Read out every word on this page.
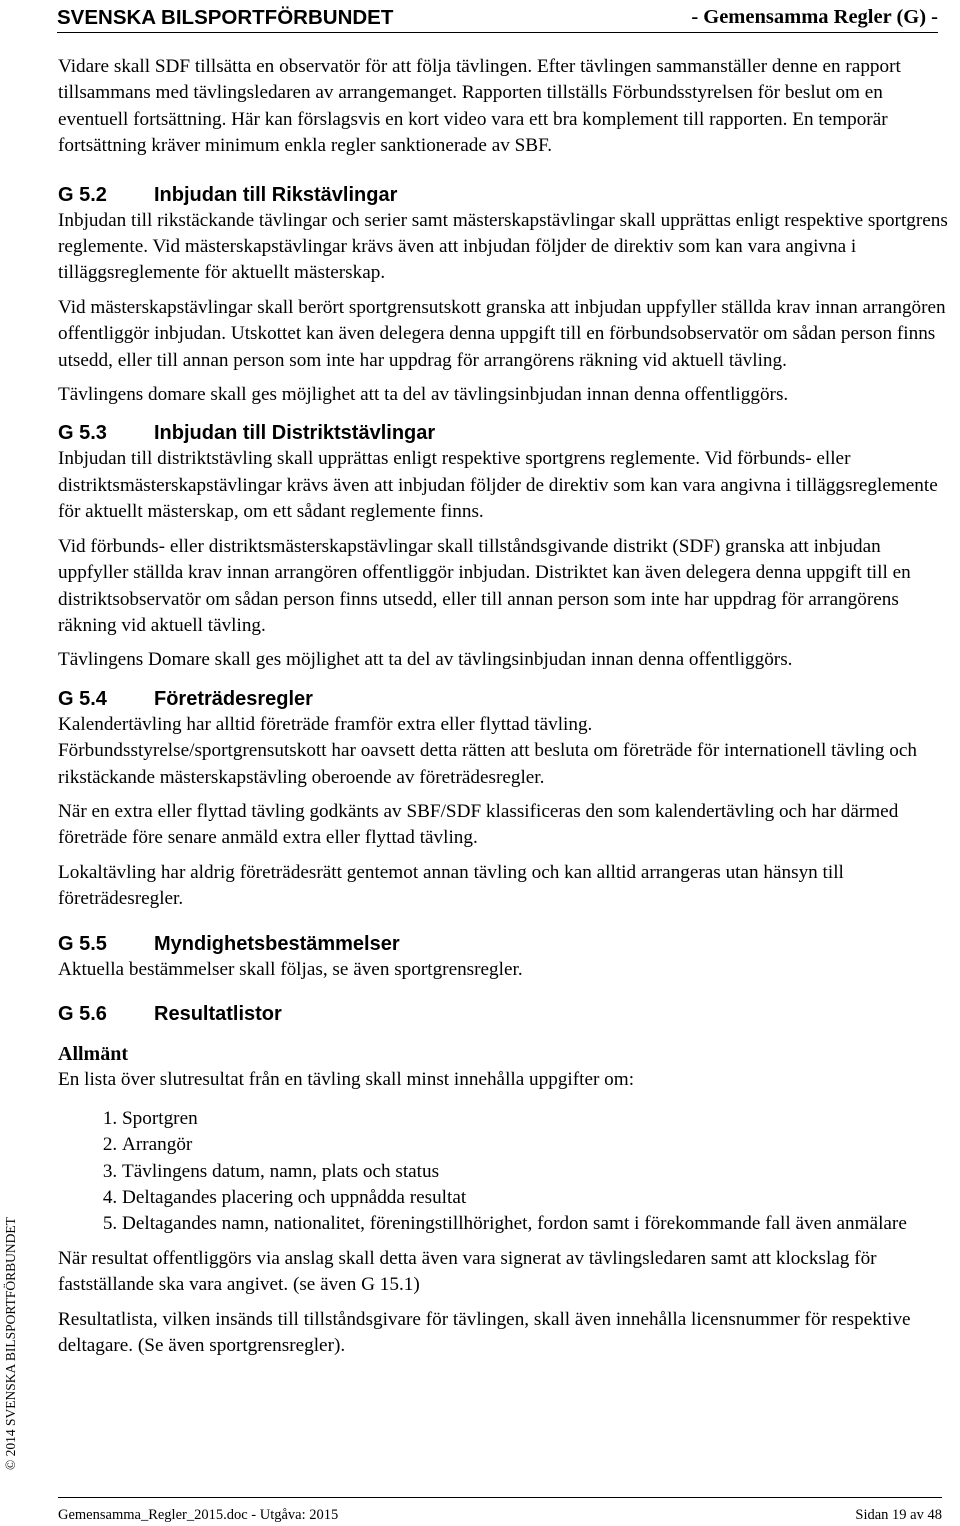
SVENSKA BILSPORTFÖRBUNDET	- Gemensamma Regler (G) -

Vidare skall SDF tillsätta en observatör för att följa tävlingen. Efter tävlingen sammanställer denne en rapport tillsammans med tävlingsledaren av arrangemanget. Rapporten tillställs Förbundsstyrelsen för beslut om en eventuell fortsättning. Här kan förslagsvis en kort video vara ett bra komplement till rapporten. En temporär fortsättning kräver minimum enkla regler sanktionerade av SBF.

G 5.2 Inbjudan till Rikstävlingar

Inbjudan till rikstäckande tävlingar och serier samt mästerskapstävlingar skall upprättas enligt respektive sportgrens reglemente. Vid mästerskapstävlingar krävs även att inbjudan följder de direktiv som kan vara angivna i tilläggsreglemente för aktuellt mästerskap.

Vid mästerskapstävlingar skall berört sportgrensutskott granska att inbjudan uppfyller ställda krav innan arrangören offentliggör inbjudan. Utskottet kan även delegera denna uppgift till en förbundsobservatör om sådan person finns utsedd, eller till annan person som inte har uppdrag för arrangörens räkning vid aktuell tävling.

Tävlingens domare skall ges möjlighet att ta del av tävlingsinbjudan innan denna offentliggörs.

G 5.3 Inbjudan till Distriktstävlingar

Inbjudan till distriktstävling skall upprättas enligt respektive sportgrens reglemente. Vid förbunds- eller distriktsmästerskapstävlingar krävs även att inbjudan följder de direktiv som kan vara angivna i tilläggsreglemente för aktuellt mästerskap, om ett sådant reglemente finns.

Vid förbunds- eller distriktsmästerskapstävlingar skall tillståndsgivande distrikt (SDF) granska att inbjudan uppfyller ställda krav innan arrangören offentliggör inbjudan. Distriktet kan även delegera denna uppgift till en distriktsobservatör om sådan person finns utsedd, eller till annan person som inte har uppdrag för arrangörens räkning vid aktuell tävling.

Tävlingens Domare skall ges möjlighet att ta del av tävlingsinbjudan innan denna offentliggörs.

G 5.4 Företrädesregler

Kalendertävling har alltid företräde framför extra eller flyttad tävling.

Förbundsstyrelse/sportgrensutskott har oavsett detta rätten att besluta om företräde för internationell tävling och rikstäckande mästerskapstävling oberoende av företrädesregler.

När en extra eller flyttad tävling godkänts av SBF/SDF klassificeras den som kalendertävling och har därmed företräde före senare anmäld extra eller flyttad tävling.

Lokaltävling har aldrig företrädesrätt gentemot annan tävling och kan alltid arrangeras utan hänsyn till företrädesregler.

G 5.5 Myndighetsbestämmelser

Aktuella bestämmelser skall följas, se även sportgrensregler.

G 5.6 Resultatlistor
Allmänt

En lista över slutresultat från en tävling skall minst innehålla uppgifter om:

1. Sportgren
2. Arrangör
3. Tävlingens datum, namn, plats och status
4. Deltagandes placering och uppnådda resultat
5. Deltagandes namn, nationalitet, föreningstillhörighet, fordon samt i förekommande fall även anmälare

När resultat offentliggörs via anslag skall detta även vara signerat av tävlingsledaren samt att klockslag för fastställande ska vara angivet. (se även G 15.1)

Resultatlista, vilken insänds till tillståndsgivare för tävlingen, skall även innehålla licensnummer för respektive deltagare. (Se även sportgrensregler).

© 2014 SVENSKA BILSPORTFÖRBUNDET
Gemensamma_Regler_2015.doc - Utgåva: 2015	Sidan 19 av 48
